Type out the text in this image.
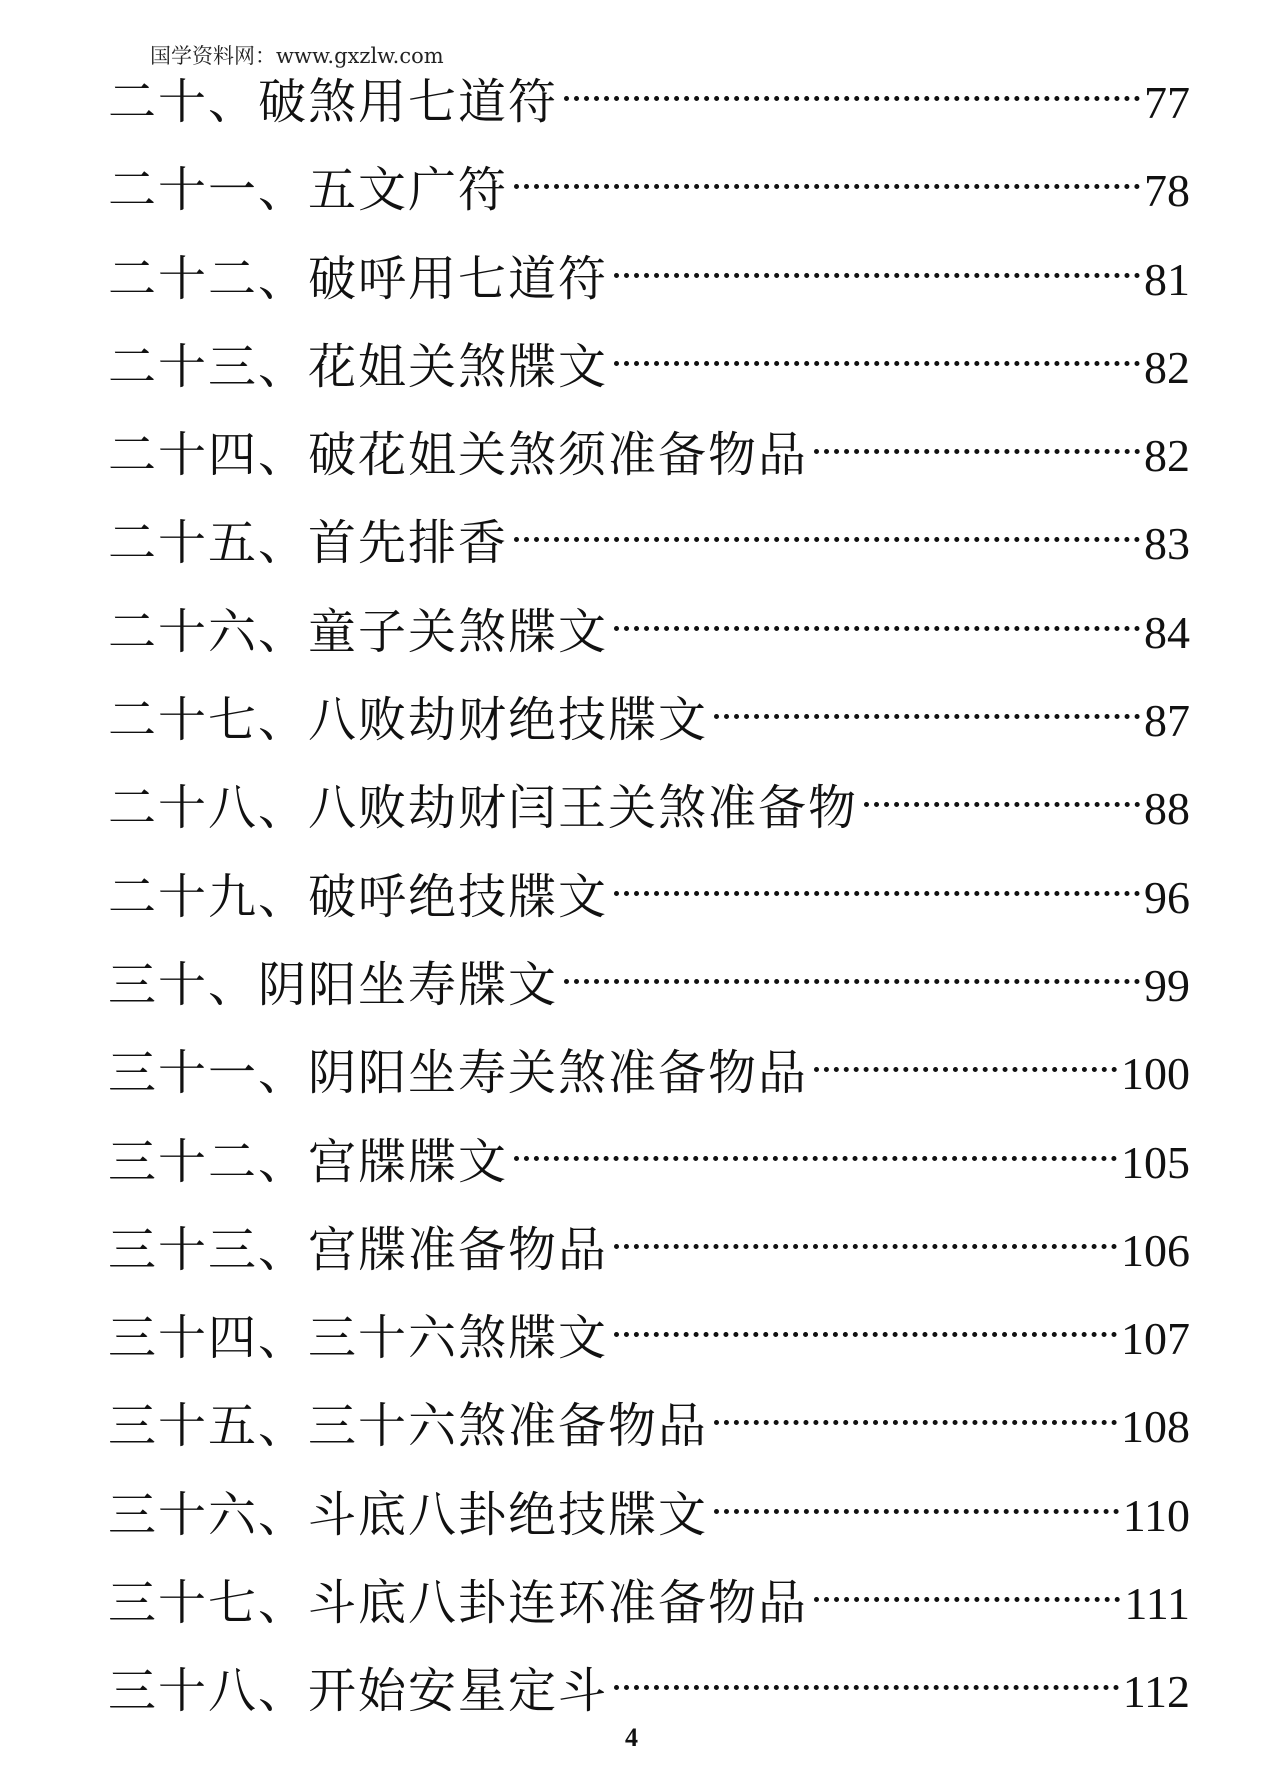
国学资料网：www.gxzlw.com
二十、破煞用七道符	77
二十一、五文广符	78
二十二、破呼用七道符	81
二十三、花姐关煞牒文	82
二十四、破花姐关煞须准备物品	82
二十五、首先排香	83
二十六、童子关煞牒文	84
二十七、八败劫财绝技牒文	87
二十八、八败劫财闫王关煞准备物	88
二十九、破呼绝技牒文	96
三十、阴阳坐寿牒文	99
三十一、阴阳坐寿关煞准备物品	100
三十二、宫牒牒文	105
三十三、宫牒准备物品	106
三十四、三十六煞牒文	107
三十五、三十六煞准备物品	108
三十六、斗底八卦绝技牒文	110
三十七、斗底八卦连环准备物品	111
三十八、开始安星定斗	112
4
